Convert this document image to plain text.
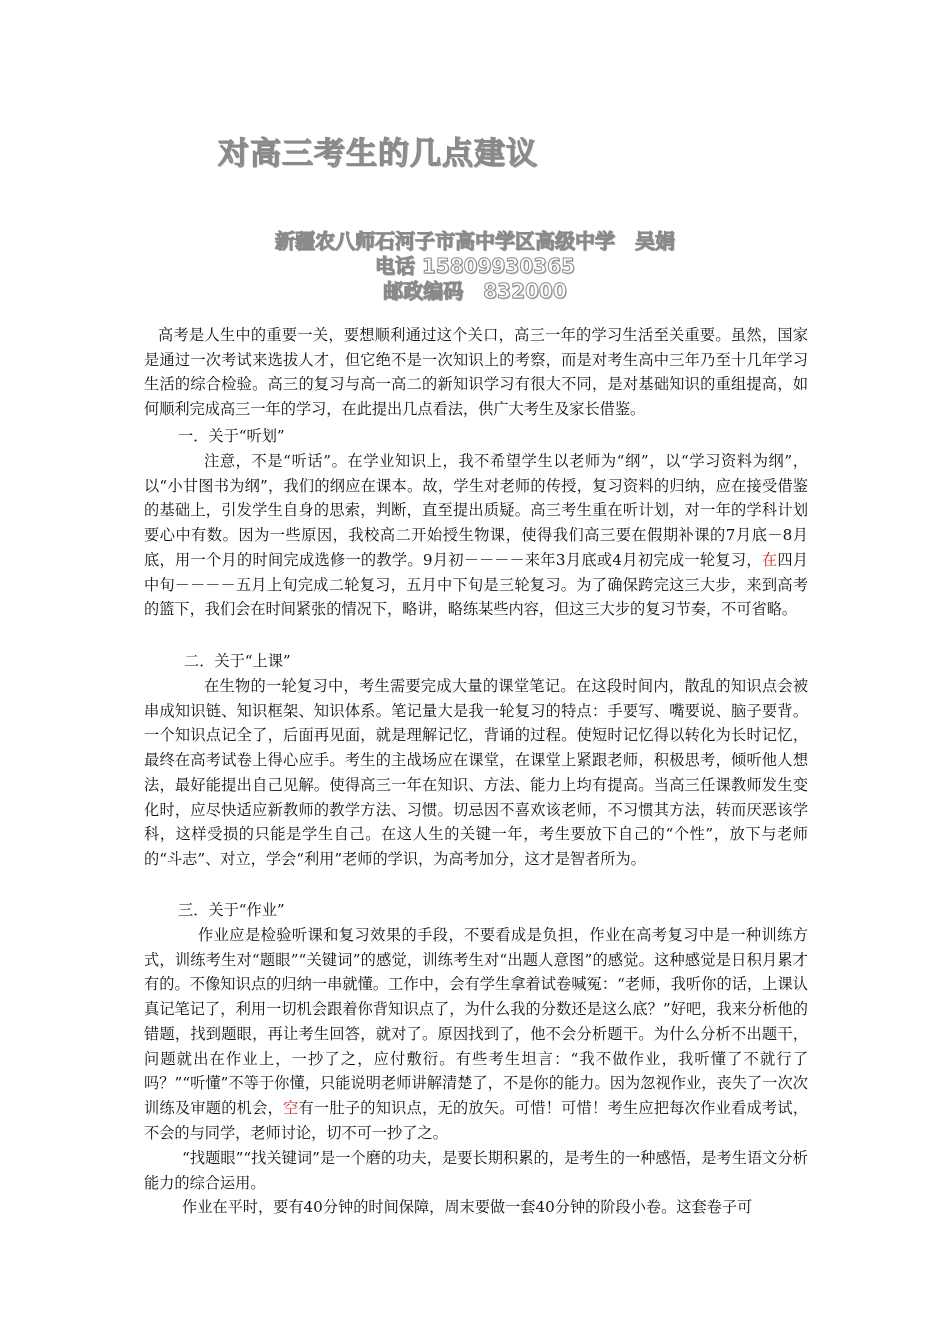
对高三考生的几点建议
新疆农八师石河子市高中学区高级中学　吴娟
电话 15809930365
邮政编码　832000

高考是人生中的重要一关，要想顺利通过这个关口，高三一年的学习生活至关重要。虽然，国家是通过一次考试来选拔人才，但它绝不是一次知识上的考察，而是对考生高中三年乃至十几年学习生活的综合检验。高三的复习与高一高二的新知识学习有很大不同，是对基础知识的重组提高，如何顺利完成高三一年的学习，在此提出几点看法，供广大考生及家长借鉴。

一．关于“听划”

注意，不是“听话”。在学业知识上，我不希望学生以老师为“纲”，以“学习资料为纲”，以“小甘图书为纲”，我们的纲应在课本。故，学生对老师的传授，复习资料的归纳，应在接受借鉴的基础上，引发学生自身的思索，判断，直至提出质疑。高三考生重在听计划，对一年的学科计划要心中有数。因为一些原因，我校高二开始授生物课，使得我们高三要在假期补课的7月底－8月底，用一个月的时间完成选修一的教学。9月初－－－－来年3月底或4月初完成一轮复习，在四月中旬－－－－五月上旬完成二轮复习，五月中下旬是三轮复习。为了确保跨完这三大步，来到高考的篮下，我们会在时间紧张的情况下，略讲，略练某些内容，但这三大步的复习节奏，不可省略。

二．关于“上课”

在生物的一轮复习中，考生需要完成大量的课堂笔记。在这段时间内，散乱的知识点会被串成知识链、知识框架、知识体系。笔记量大是我一轮复习的特点：手要写、嘴要说、脑子要背。一个知识点记全了，后面再见面，就是理解记忆，背诵的过程。使短时记忆得以转化为长时记忆，最终在高考试卷上得心应手。考生的主战场应在课堂，在课堂上紧跟老师，积极思考，倾听他人想法，最好能提出自己见解。使得高三一年在知识、方法、能力上均有提高。当高三任课教师发生变化时，应尽快适应新教师的教学方法、习惯。切忌因不喜欢该老师，不习惯其方法，转而厌恶该学科，这样受损的只能是学生自己。在这人生的关键一年，考生要放下自己的“个性”，放下与老师的“斗志”、对立，学会“利用”老师的学识，为高考加分，这才是智者所为。

三．关于“作业”

作业应是检验听课和复习效果的手段，不要看成是负担，作业在高考复习中是一种训练方式，训练考生对“题眼”“关键词”的感觉，训练考生对“出题人意图”的感觉。这种感觉是日积月累才有的。不像知识点的归纳一串就懂。工作中，会有学生拿着试卷喊冤：“老师，我听你的话，上课认真记笔记了，利用一切机会跟着你背知识点了，为什么我的分数还是这么底？”好吧，我来分析他的错题，找到题眼，再让考生回答，就对了。原因找到了，他不会分析题干。为什么分析不出题干，问题就出在作业上，一抄了之，应付敷衍。有些考生坦言：“我不做作业，我听懂了不就行了吗？”“听懂”不等于你懂，只能说明老师讲解清楚了，不是你的能力。因为忽视作业，丧失了一次次训练及审题的机会，空有一肚子的知识点，无的放矢。可惜！可惜！考生应把每次作业看成考试，不会的与同学，老师讨论，切不可一抄了之。

“找题眼”“找关键词”是一个磨的功夫，是要长期积累的，是考生的一种感悟，是考生语文分析能力的综合运用。

作业在平时，要有40分钟的时间保障，周末要做一套40分钟的阶段小卷。这套卷子可
